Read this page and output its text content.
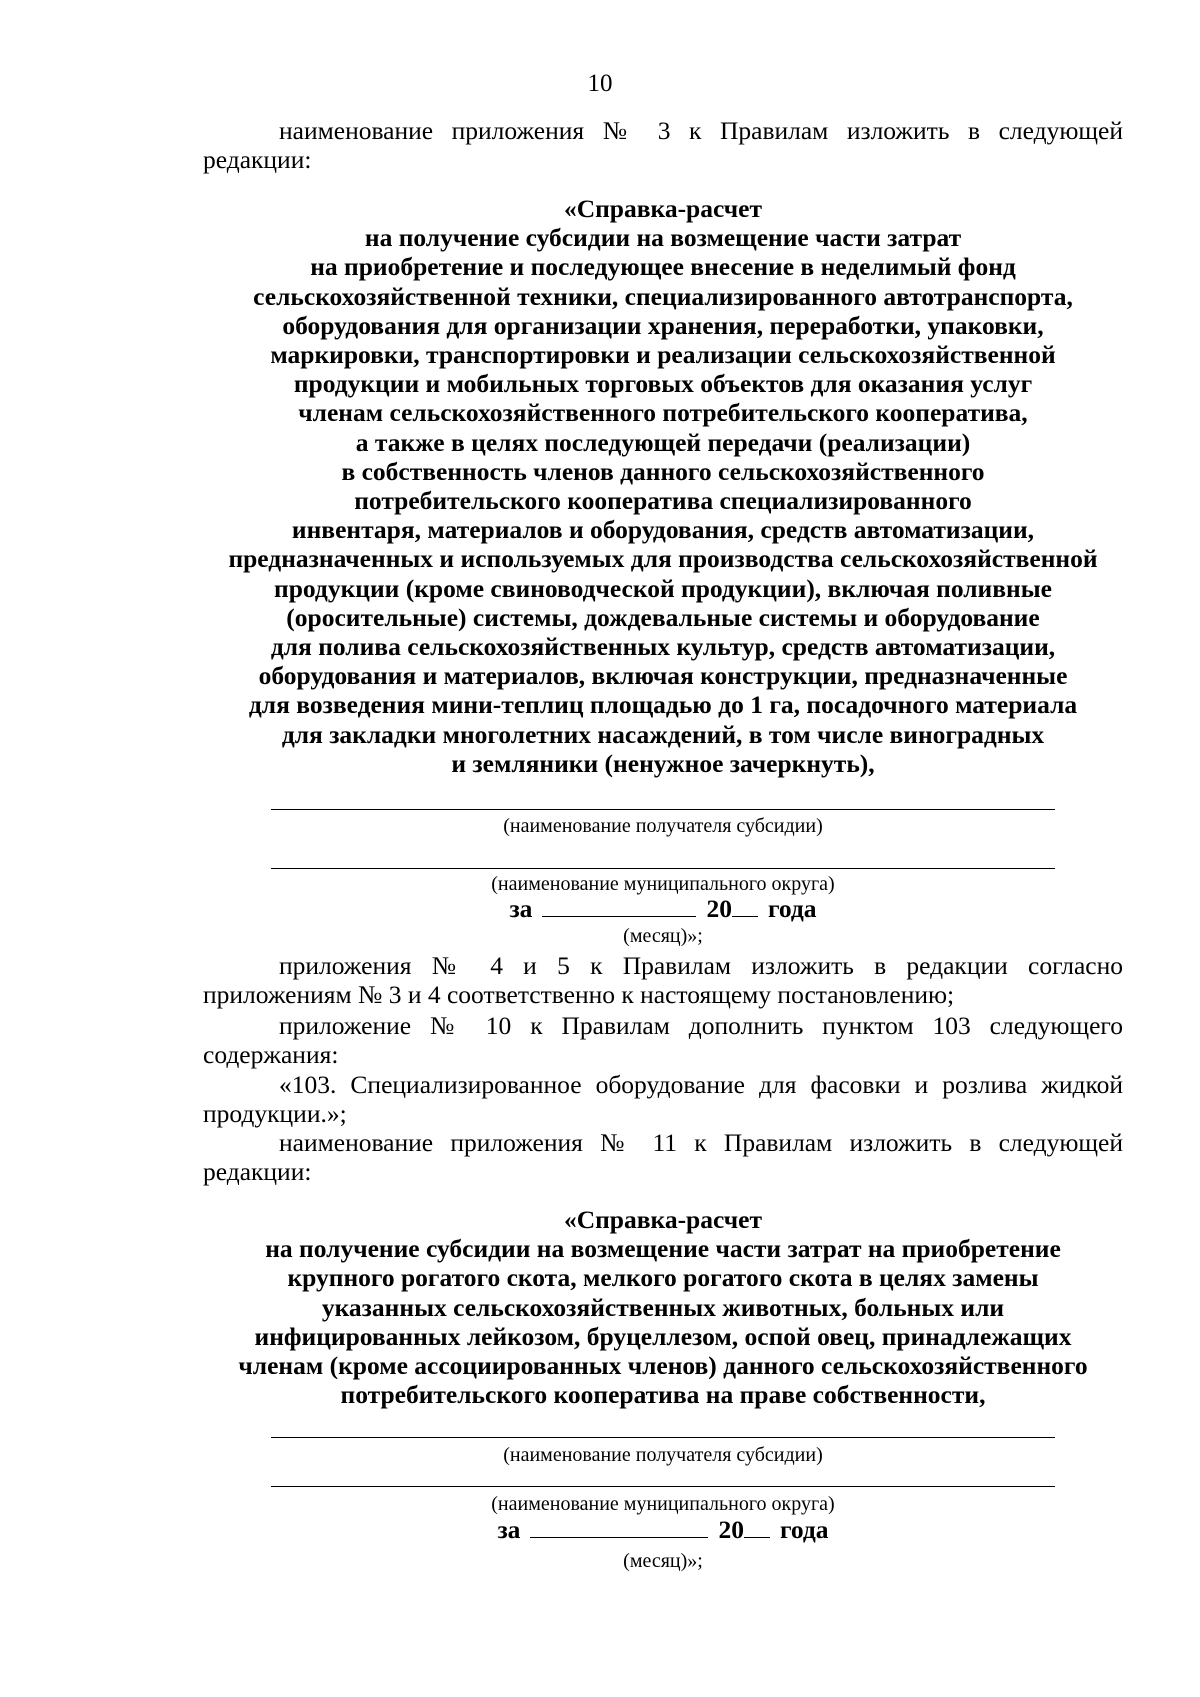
10
наименование приложения № 3 к Правилам изложить в следующей редакции:
«Справка-расчет
на получение субсидии на возмещение части затрат
на приобретение и последующее внесение в неделимый фонд
сельскохозяйственной техники, специализированного автотранспорта,
оборудования для организации хранения, переработки, упаковки,
маркировки, транспортировки и реализации сельскохозяйственной
продукции и мобильных торговых объектов для оказания услуг
членам сельскохозяйственного потребительского кооператива,
а также в целях последующей передачи (реализации)
в собственность членов данного сельскохозяйственного
потребительского кооператива специализированного
инвентаря, материалов и оборудования, средств автоматизации,
предназначенных и используемых для производства сельскохозяйственной
продукции (кроме свиноводческой продукции), включая поливные
(оросительные) системы, дождевальные системы и оборудование
для полива сельскохозяйственных культур, средств автоматизации,
оборудования и материалов, включая конструкции, предназначенные
для возведения мини-теплиц площадью до 1 га, посадочного материала
для закладки многолетних насаждений, в том числе виноградных
и земляники (ненужное зачеркнуть),
(наименование получателя субсидии)
(наименование муниципального округа)
за	20 года
(месяц)»;
приложения № 4 и 5 к Правилам изложить в редакции согласно приложениям № 3 и 4 соответственно к настоящему постановлению;
приложение № 10 к Правилам дополнить пунктом 103 следующего содержания:
«103. Специализированное оборудование для фасовки и розлива жидкой продукции.»;
наименование приложения № 11 к Правилам изложить в следующей редакции:
«Справка-расчет
на получение субсидии на возмещение части затрат на приобретение
крупного рогатого скота, мелкого рогатого скота в целях замены
указанных сельскохозяйственных животных, больных или
инфицированных лейкозом, бруцеллезом, оспой овец, принадлежащих
членам (кроме ассоциированных членов) данного сельскохозяйственного
потребительского кооператива на праве собственности,
(наименование получателя субсидии)
(наименование муниципального округа)
за	20 года
(месяц)»;
